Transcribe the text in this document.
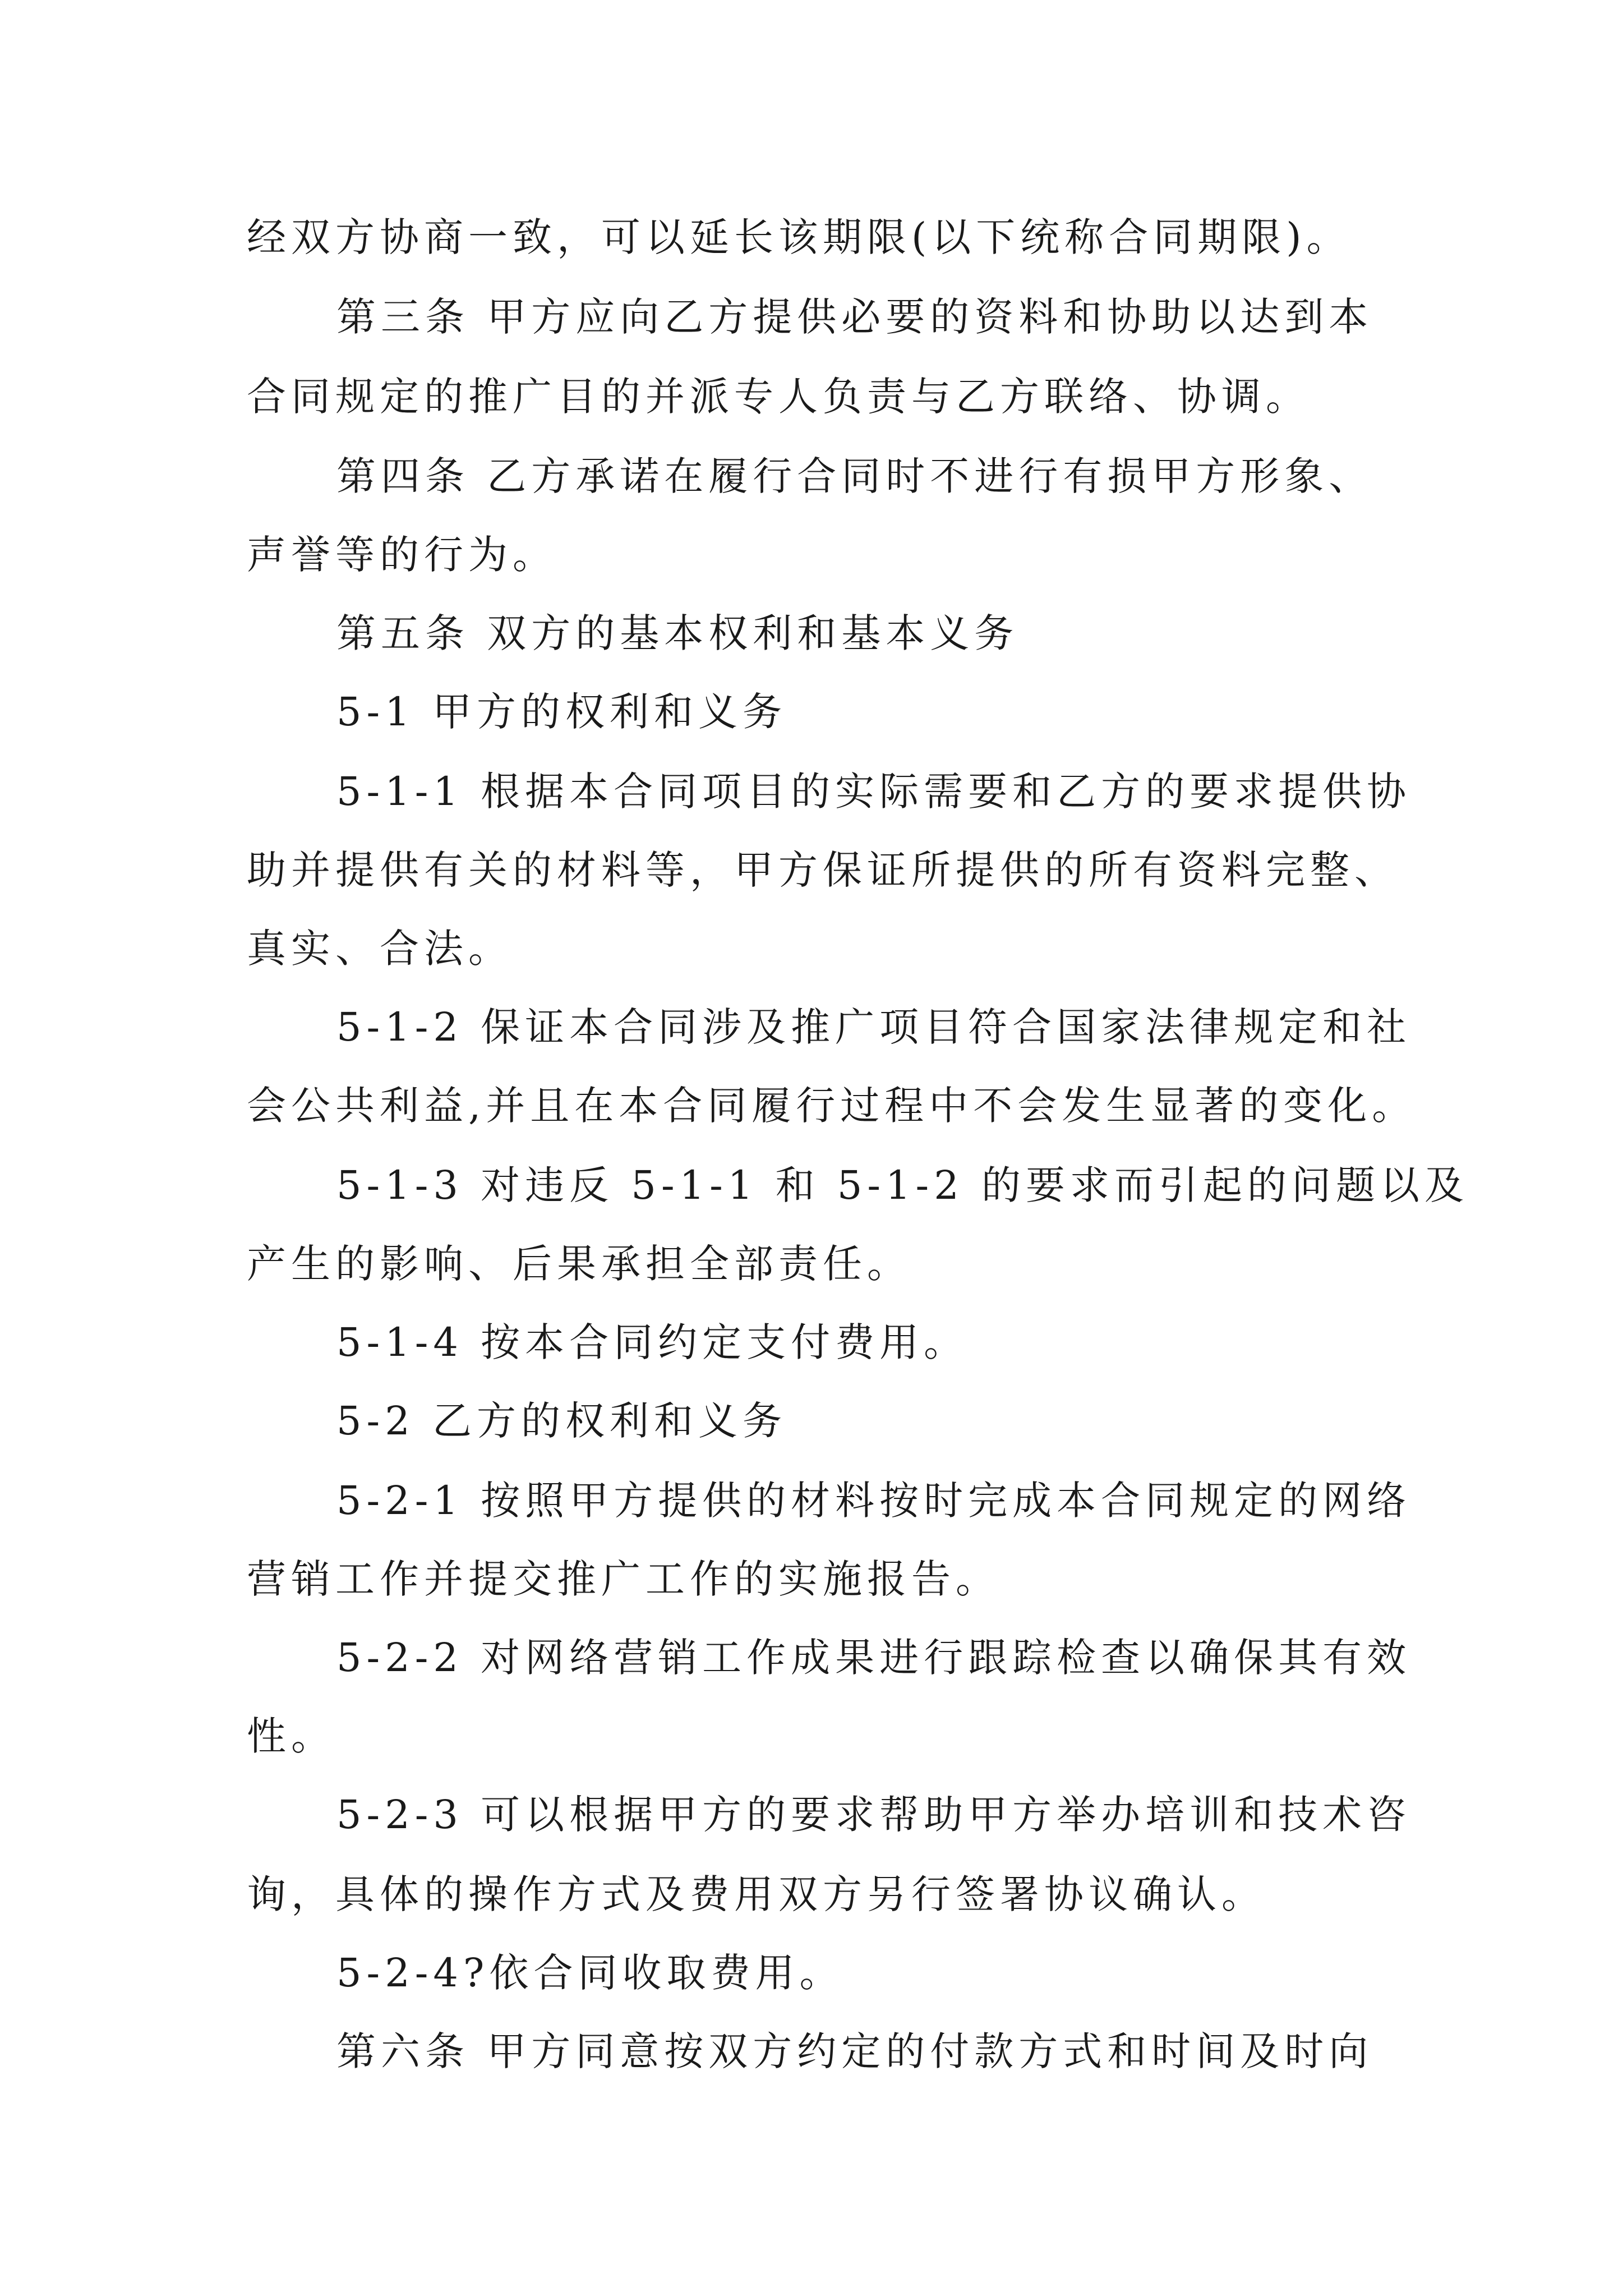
经双方协商一致，可以延长该期限(以下统称合同期限)。
第三条 甲方应向乙方提供必要的资料和协助以达到本
合同规定的推广目的并派专人负责与乙方联络、协调。
第四条 乙方承诺在履行合同时不进行有损甲方形象、
声誉等的行为。
第五条 双方的基本权利和基本义务
5-1 甲方的权利和义务
5-1-1 根据本合同项目的实际需要和乙方的要求提供协
助并提供有关的材料等，甲方保证所提供的所有资料完整、
真实、合法。
5-1-2 保证本合同涉及推广项目符合国家法律规定和社
会公共利益,并且在本合同履行过程中不会发生显著的变化。
5-1-3 对违反 5-1-1 和 5-1-2 的要求而引起的问题以及
产生的影响、后果承担全部责任。
5-1-4 按本合同约定支付费用。
5-2 乙方的权利和义务
5-2-1 按照甲方提供的材料按时完成本合同规定的网络
营销工作并提交推广工作的实施报告。
5-2-2 对网络营销工作成果进行跟踪检查以确保其有效
性。
5-2-3 可以根据甲方的要求帮助甲方举办培训和技术咨
询，具体的操作方式及费用双方另行签署协议确认。
5-2-4?依合同收取费用。
第六条 甲方同意按双方约定的付款方式和时间及时向
